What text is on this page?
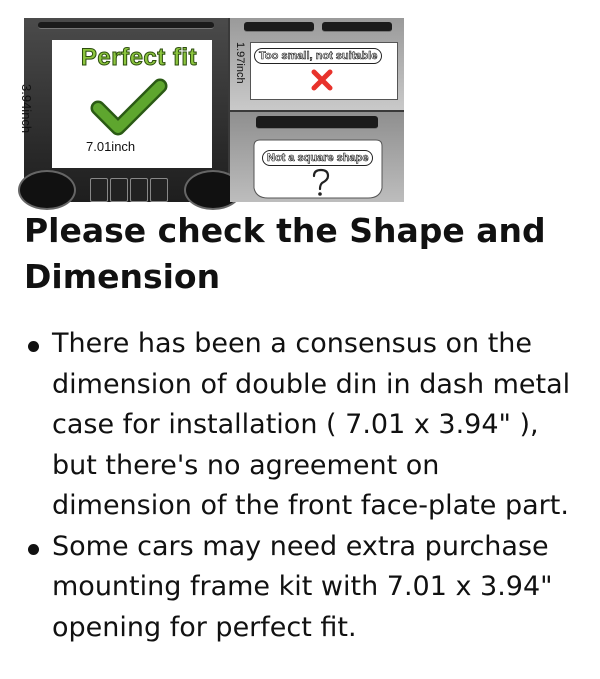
Perfect fit
3.94inch
7.01inch
1.97inch	Too small, not suitable
Not a square shape
Please check the Shape and Dimension
There has been a consensus on the dimension of double din in dash metal case for installation ( 7.01 x 3.94" ), but there's no agreement on dimension of the front face-plate part.
Some cars may need extra purchase mounting frame kit with 7.01 x 3.94" opening for perfect fit.
